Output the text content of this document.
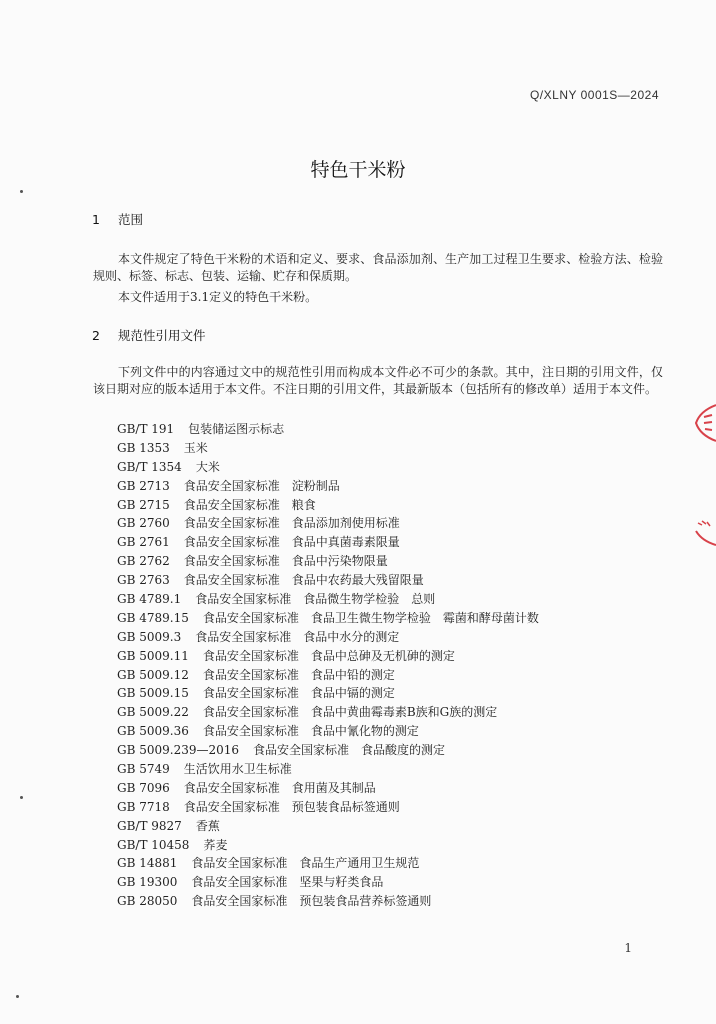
Q/XLNY 0001S—2024
特色干米粉
1 范围
本文件规定了特色干米粉的术语和定义、要求、食品添加剂、生产加工过程卫生要求、检验方法、检验规则、标签、标志、包装、运输、贮存和保质期。
本文件适用于3.1定义的特色干米粉。
2 规范性引用文件
下列文件中的内容通过文中的规范性引用而构成本文件必不可少的条款。其中，注日期的引用文件，仅该日期对应的版本适用于本文件。不注日期的引用文件，其最新版本（包括所有的修改单）适用于本文件。
GB/T 191 包装储运图示标志
GB 1353 玉米
GB/T 1354 大米
GB 2713 食品安全国家标准　淀粉制品
GB 2715 食品安全国家标准　粮食
GB 2760 食品安全国家标准　食品添加剂使用标准
GB 2761 食品安全国家标准　食品中真菌毒素限量
GB 2762 食品安全国家标准　食品中污染物限量
GB 2763 食品安全国家标准　食品中农药最大残留限量
GB 4789.1 食品安全国家标准　食品微生物学检验　总则
GB 4789.15 食品安全国家标准　食品卫生微生物学检验　霉菌和酵母菌计数
GB 5009.3 食品安全国家标准　食品中水分的测定
GB 5009.11 食品安全国家标准　食品中总砷及无机砷的测定
GB 5009.12 食品安全国家标准　食品中铅的测定
GB 5009.15 食品安全国家标准　食品中镉的测定
GB 5009.22 食品安全国家标准　食品中黄曲霉毒素B族和G族的测定
GB 5009.36 食品安全国家标准　食品中氰化物的测定
GB 5009.239—2016 食品安全国家标准　食品酸度的测定
GB 5749 生活饮用水卫生标准
GB 7096 食品安全国家标准　食用菌及其制品
GB 7718 食品安全国家标准　预包装食品标签通则
GB/T 9827 香蕉
GB/T 10458 荞麦
GB 14881 食品安全国家标准　食品生产通用卫生规范
GB 19300 食品安全国家标准　坚果与籽类食品
GB 28050 食品安全国家标准　预包装食品营养标签通则
1
